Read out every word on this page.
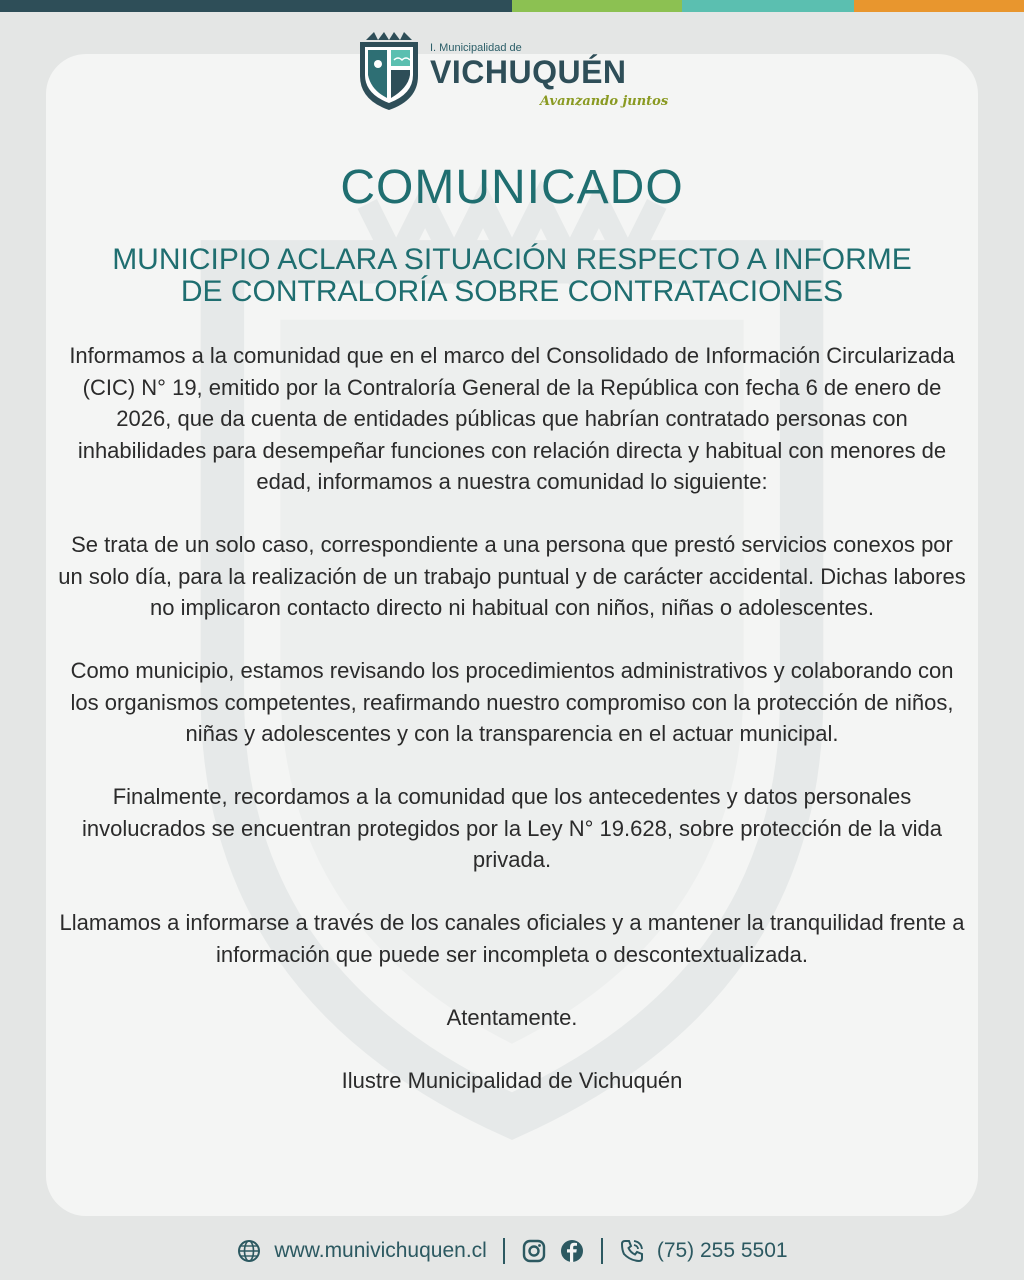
I. Municipalidad de
VICHUQUÉN
Avanzando juntos
COMUNICADO
MUNICIPIO ACLARA SITUACIÓN RESPECTO A INFORME
DE CONTRALORÍA SOBRE CONTRATACIONES

Informamos a la comunidad que en el marco del Consolidado de Información Circularizada (CIC) N° 19, emitido por la Contraloría General de la República con fecha 6 de enero de 2026, que da cuenta de entidades públicas que habrían contratado personas con inhabilidades para desempeñar funciones con relación directa y habitual con menores de edad, informamos a nuestra comunidad lo siguiente:

Se trata de un solo caso, correspondiente a una persona que prestó servicios conexos por un solo día, para la realización de un trabajo puntual y de carácter accidental. Dichas labores no implicaron contacto directo ni habitual con niños, niñas o adolescentes.

Como municipio, estamos revisando los procedimientos administrativos y colaborando con los organismos competentes, reafirmando nuestro compromiso con la protección de niños, niñas y adolescentes y con la transparencia en el actuar municipal.

Finalmente, recordamos a la comunidad que los antecedentes y datos personales involucrados se encuentran protegidos por la Ley N° 19.628, sobre protección de la vida privada.

Llamamos a informarse a través de los canales oficiales y a mantener la tranquilidad frente a información que puede ser incompleta o descontextualizada.

Atentamente.

Ilustre Municipalidad de Vichuquén

www.munivichuquen.cl	(75) 255 5501
